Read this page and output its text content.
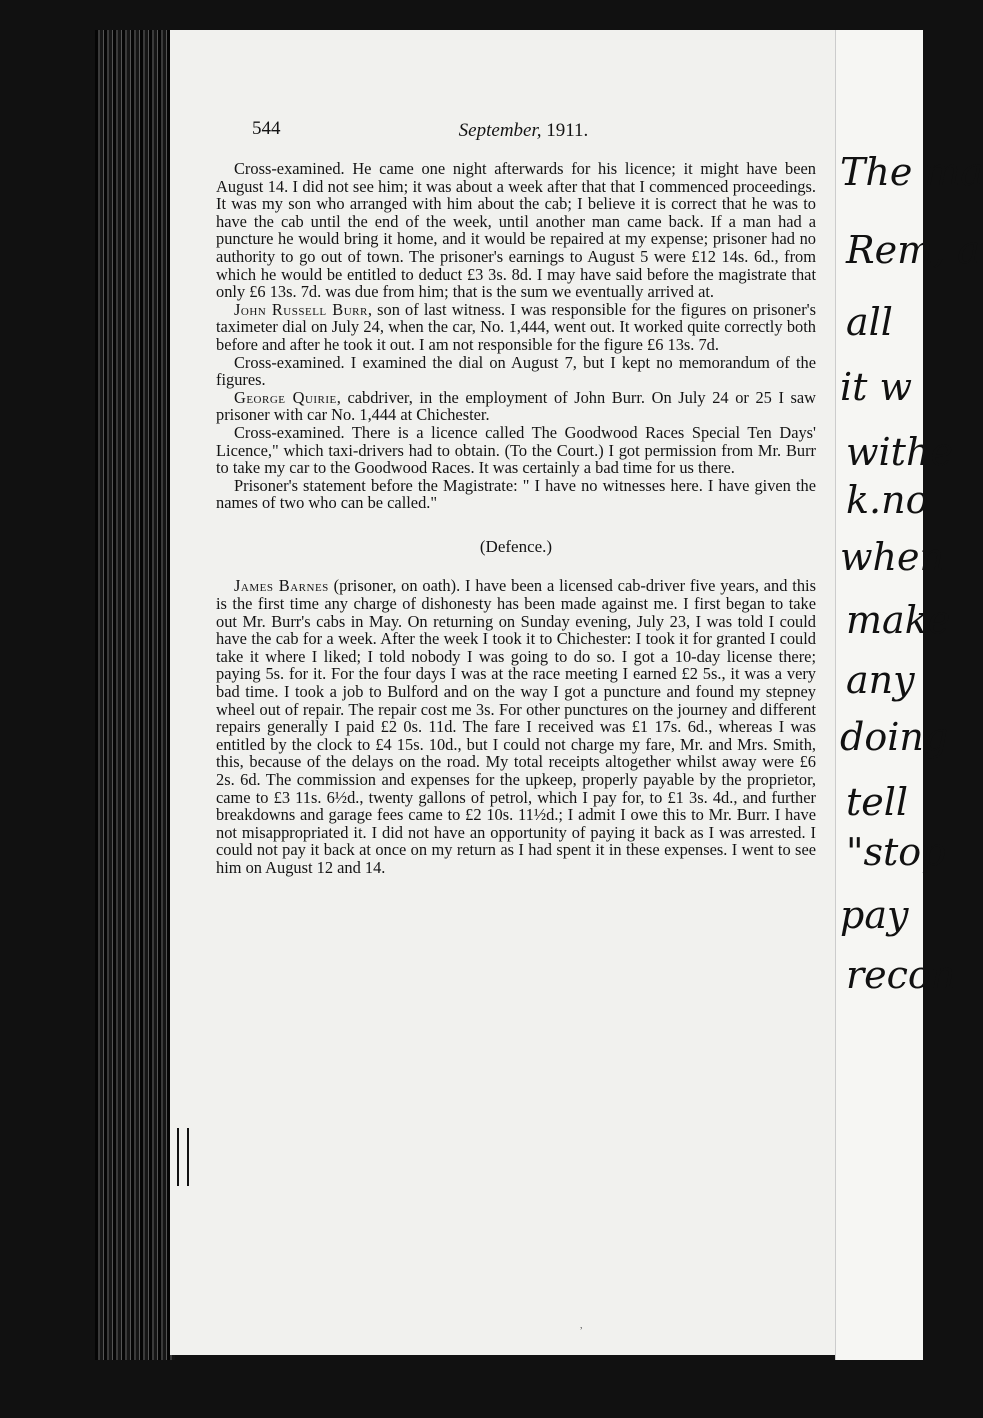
544	September, 1911.

Cross-examined. He came one night afterwards for his licence; it might have been August 14. I did not see him; it was about a week after that that I commenced proceedings. It was my son who arranged with him about the cab; I believe it is correct that he was to have the cab until the end of the week, until another man came back. If a man had a puncture he would bring it home, and it would be repaired at my expense; prisoner had no authority to go out of town. The prisoner's earnings to August 5 were £12 14s. 6d., from which he would be entitled to deduct £3 3s. 8d. I may have said before the magistrate that only £6 13s. 7d. was due from him; that is the sum we eventually arrived at.

John Russell Burr, son of last witness. I was responsible for the figures on prisoner's taximeter dial on July 24, when the car, No. 1,444, went out. It worked quite correctly both before and after he took it out. I am not responsible for the figure £6 13s. 7d.

Cross-examined. I examined the dial on August 7, but I kept no memorandum of the figures.

George Quirie, cabdriver, in the employment of John Burr. On July 24 or 25 I saw prisoner with car No. 1,444 at Chichester.

Cross-examined. There is a licence called The Goodwood Races Special Ten Days' Licence," which taxi-drivers had to obtain. (To the Court.) I got permission from Mr. Burr to take my car to the Goodwood Races. It was certainly a bad time for us there.

Prisoner's statement before the Magistrate: " I have no witnesses here. I have given the names of two who can be called."

(Defence.)

James Barnes (prisoner, on oath). I have been a licensed cab-driver five years, and this is the first time any charge of dishonesty has been made against me. I first began to take out Mr. Burr's cabs in May. On returning on Sunday evening, July 23, I was told I could have the cab for a week. After the week I took it to Chichester: I took it for granted I could take it where I liked; I told nobody I was going to do so. I got a 10-day license there; paying 5s. for it. For the four days I was at the race meeting I earned £2 5s., it was a very bad time. I took a job to Bulford and on the way I got a puncture and found my stepney wheel out of repair. The repair cost me 3s. For other punctures on the journey and different repairs generally I paid £2 0s. 11d. The fare I received was £1 17s. 6d., whereas I was entitled by the clock to £4 15s. 10d., but I could not charge my fare, Mr. and Mrs. Smith, this, because of the delays on the road. My total receipts altogether whilst away were £6 2s. 6d. The commission and expenses for the upkeep, properly payable by the proprietor, came to £3 11s. 6½d., twenty gallons of petrol, which I pay for, to £1 3s. 4d., and further breakdowns and garage fees came to £2 10s. 11½d.; I admit I owe this to Mr. Burr. I have not misappropriated it. I did not have an opportunity of paying it back as I was arrested. I could not pay it back at once on my return as I had spent it in these expenses. I went to see him on August 12 and 14.

,
The ma
Rem, a
all
it w
withe
k.no
when
make
any
doing
tell
"stop
pay
recon
